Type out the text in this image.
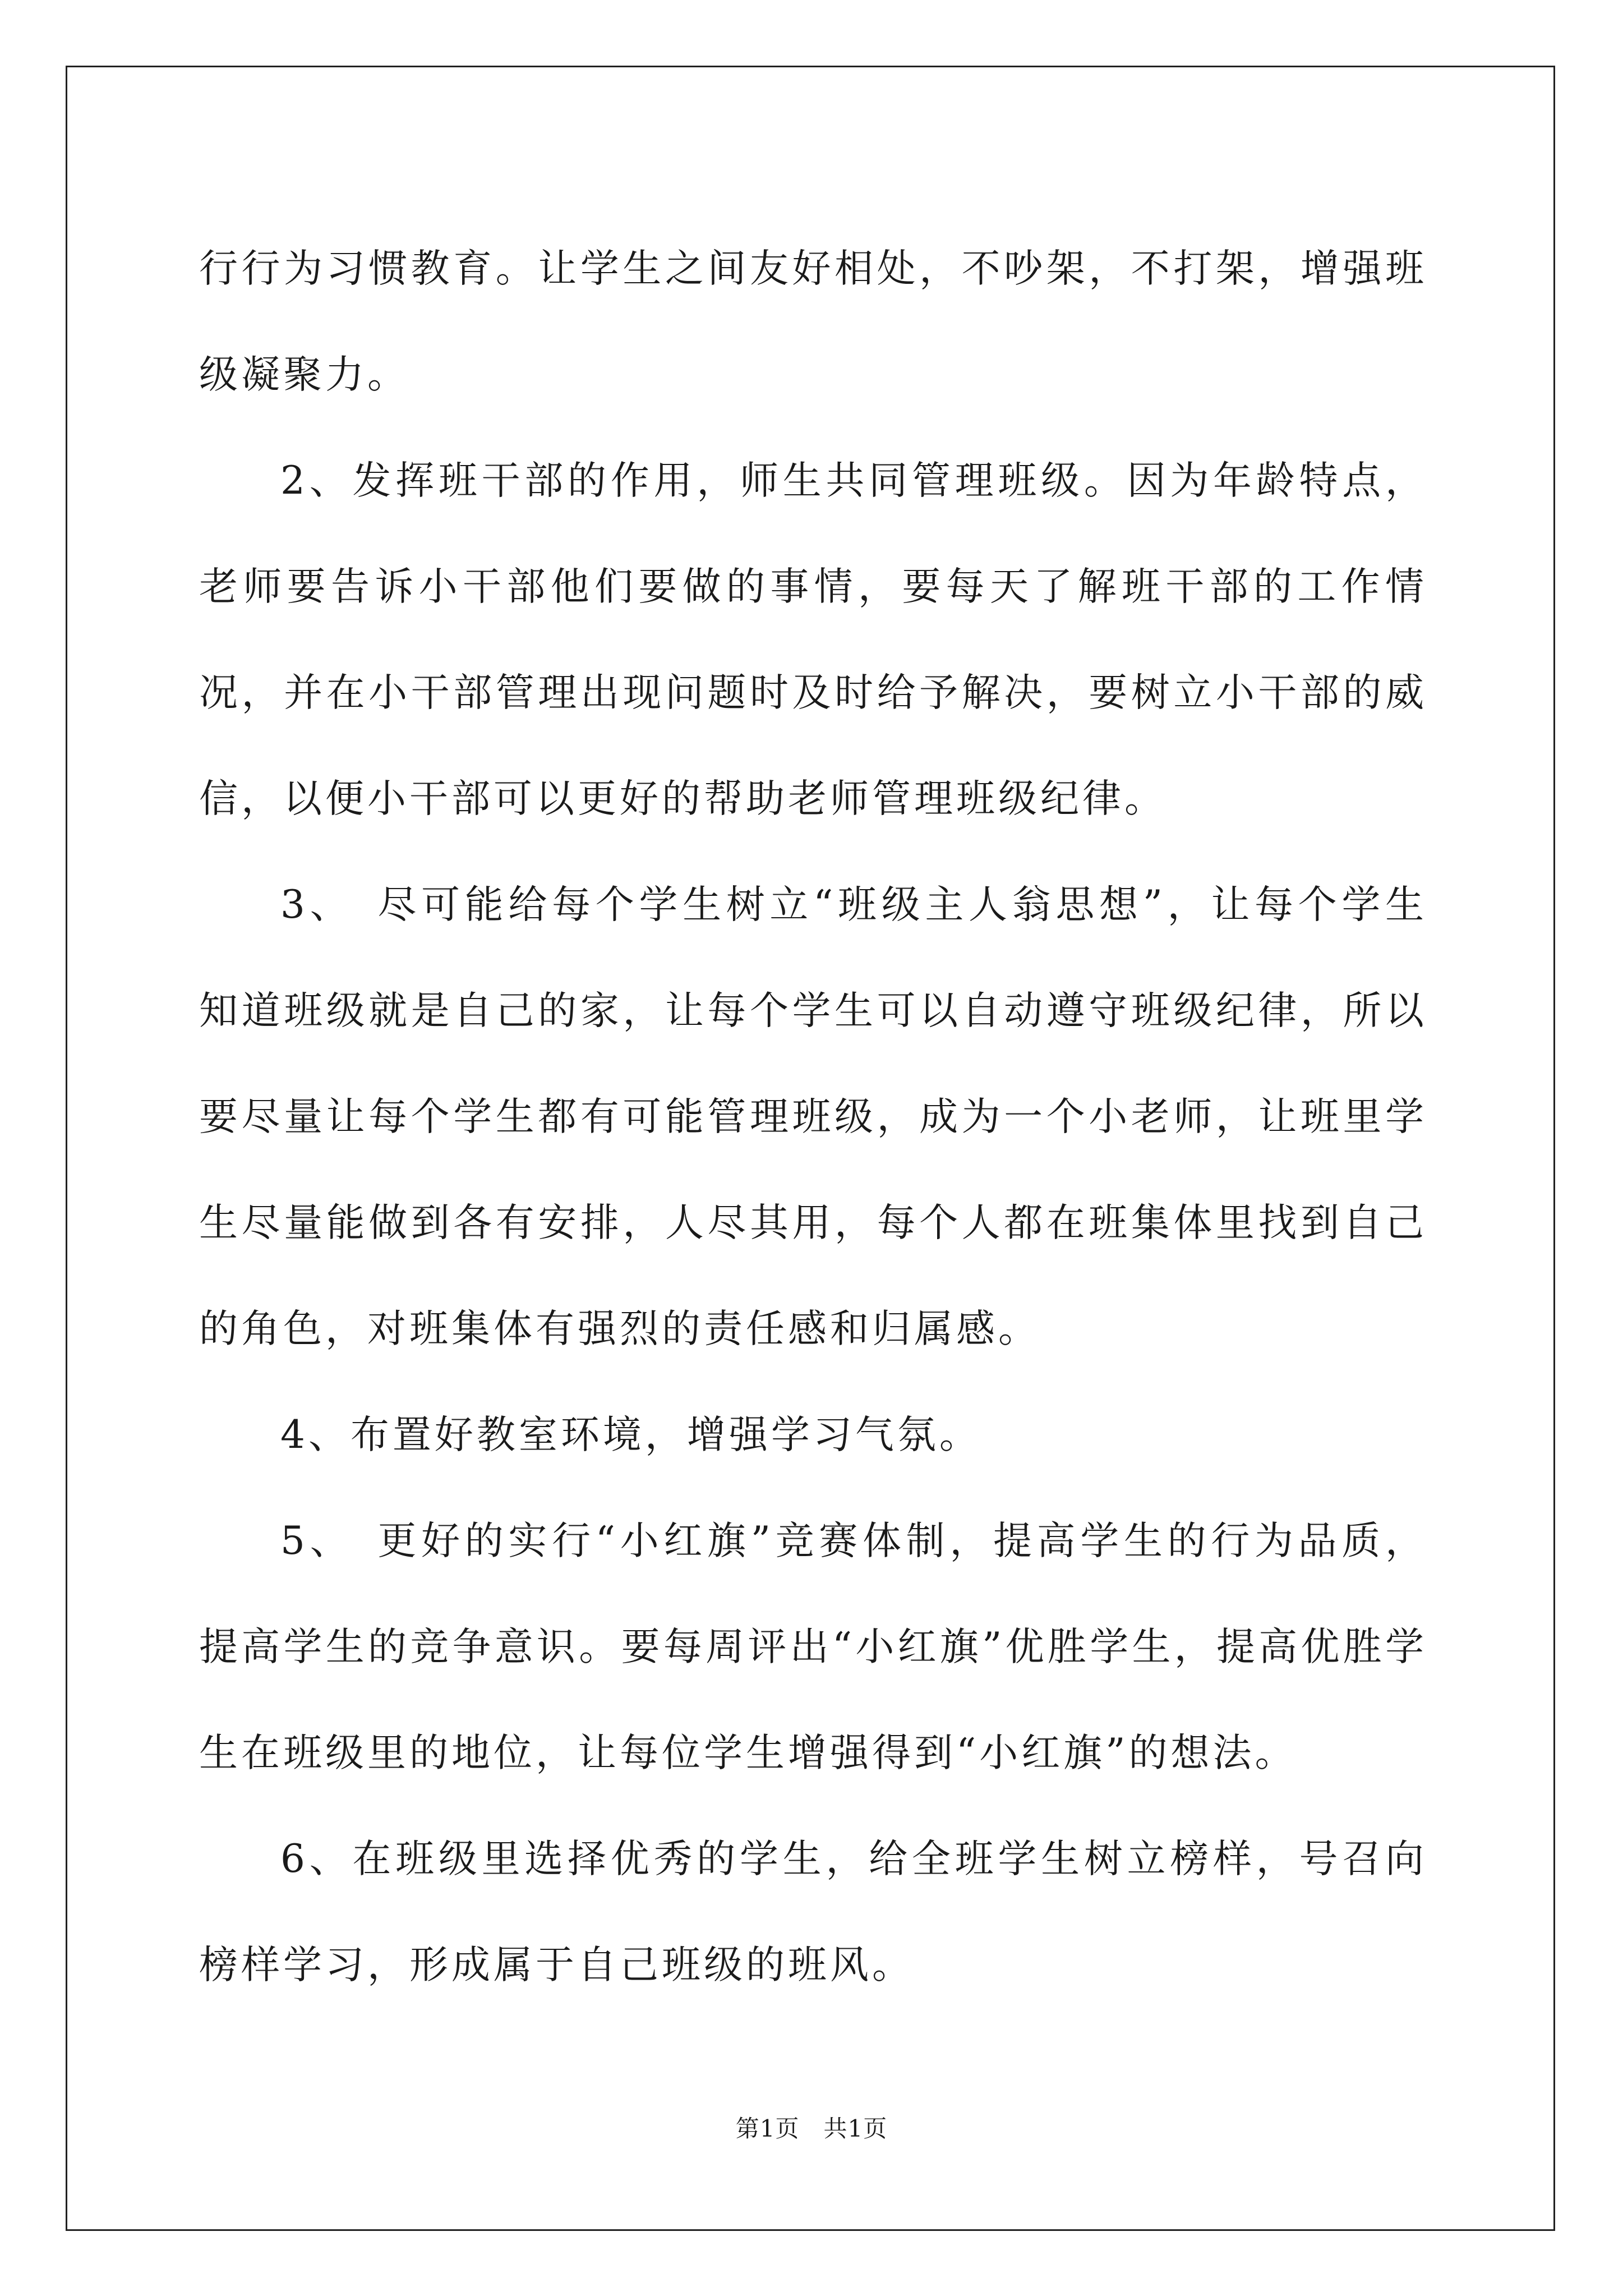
行行为习惯教育。让学生之间友好相处，不吵架，不打架，增强班级凝聚力。

2、发挥班干部的作用，师生共同管理班级。因为年龄特点，老师要告诉小干部他们要做的事情，要每天了解班干部的工作情况，并在小干部管理出现问题时及时给予解决，要树立小干部的威信，以便小干部可以更好的帮助老师管理班级纪律。

3、　尽可能给每个学生树立“班级主人翁思想”，让每个学生知道班级就是自己的家，让每个学生可以自动遵守班级纪律，所以要尽量让每个学生都有可能管理班级，成为一个小老师，让班里学生尽量能做到各有安排，人尽其用，每个人都在班集体里找到自己的角色，对班集体有强烈的责任感和归属感。

4、布置好教室环境，增强学习气氛。

5、　更好的实行“小红旗”竞赛体制，提高学生的行为品质，提高学生的竞争意识。要每周评出“小红旗”优胜学生，提高优胜学生在班级里的地位，让每位学生增强得到“小红旗”的想法。

6、在班级里选择优秀的学生，给全班学生树立榜样，号召向榜样学习，形成属于自己班级的班风。

第1页　共1页
